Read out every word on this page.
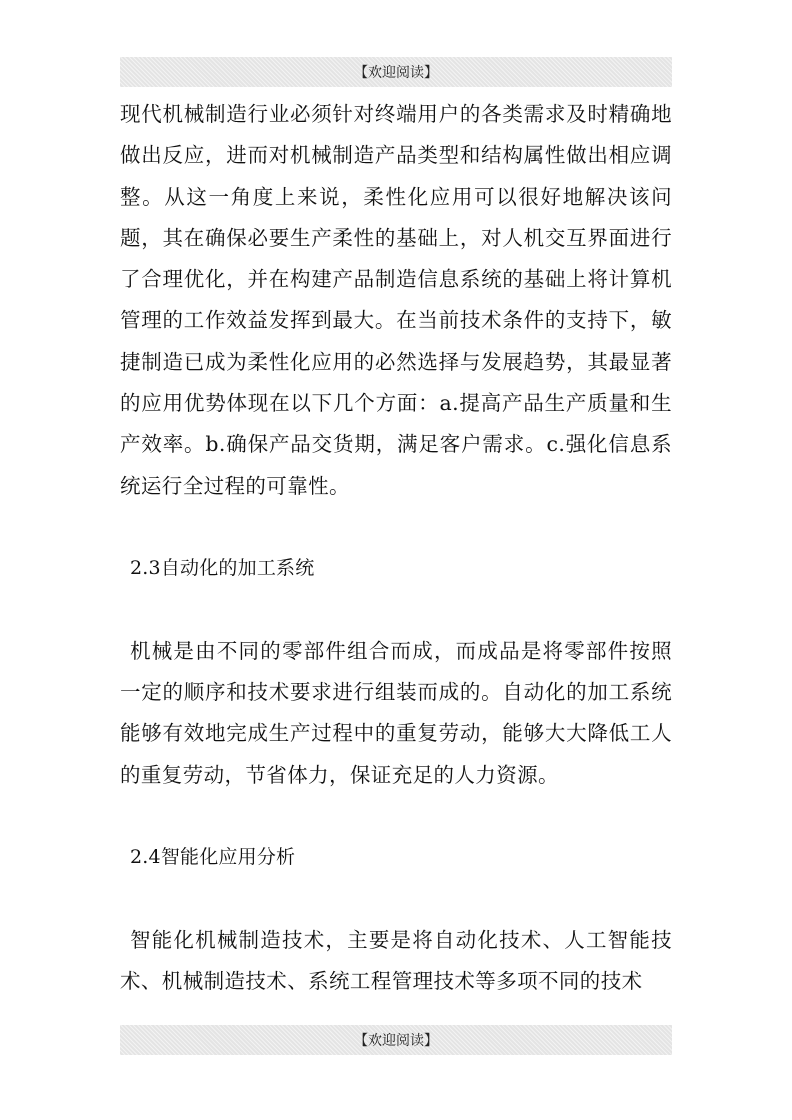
【欢迎阅读】

现代机械制造行业必须针对终端用户的各类需求及时精确地做出反应，进而对机械制造产品类型和结构属性做出相应调整。从这一角度上来说，柔性化应用可以很好地解决该问题，其在确保必要生产柔性的基础上，对人机交互界面进行了合理优化，并在构建产品制造信息系统的基础上将计算机管理的工作效益发挥到最大。在当前技术条件的支持下，敏捷制造已成为柔性化应用的必然选择与发展趋势，其最显著的应用优势体现在以下几个方面：a.提高产品生产质量和生产效率。b.确保产品交货期，满足客户需求。c.强化信息系统运行全过程的可靠性。

2.3自动化的加工系统

机械是由不同的零部件组合而成，而成品是将零部件按照一定的顺序和技术要求进行组装而成的。自动化的加工系统能够有效地完成生产过程中的重复劳动，能够大大降低工人的重复劳动，节省体力，保证充足的人力资源。

2.4智能化应用分析

智能化机械制造技术，主要是将自动化技术、人工智能技术、机械制造技术、系统工程管理技术等多项不同的技术

【欢迎阅读】
